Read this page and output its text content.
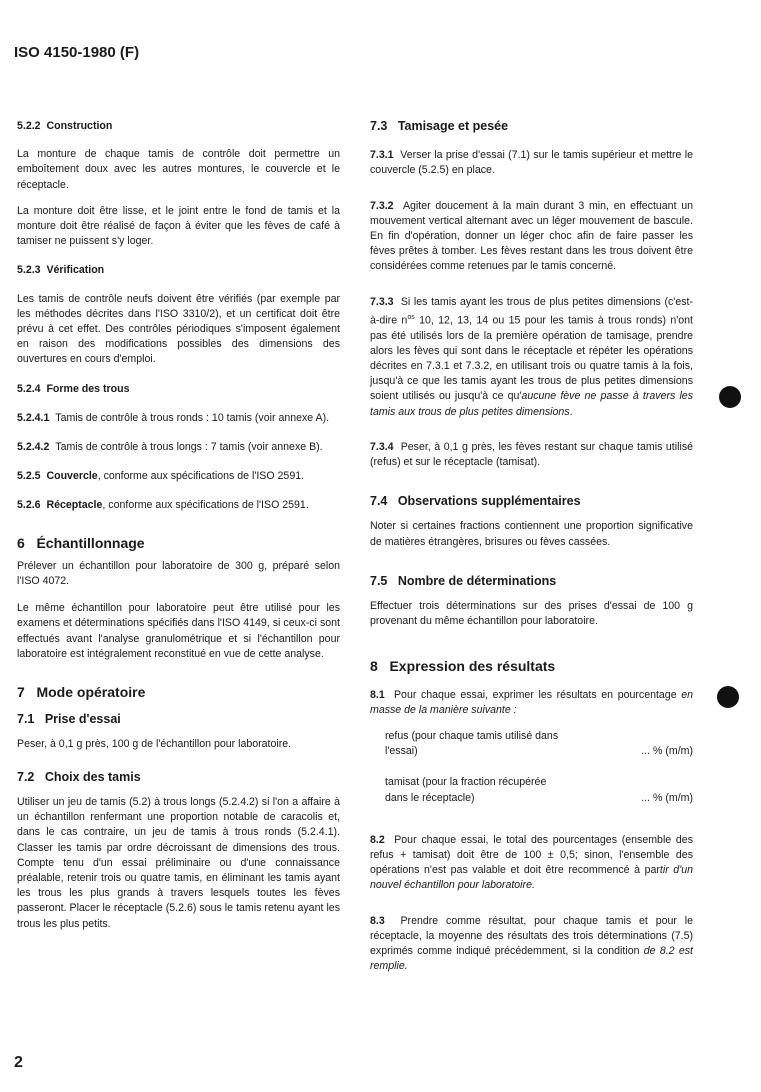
ISO 4150-1980 (F)

5.2.2 Construction

La monture de chaque tamis de contrôle doit permettre un emboîtement doux avec les autres montures, le couvercle et le réceptacle.

La monture doit être lisse, et le joint entre le fond de tamis et la monture doit être réalisé de façon à éviter que les fèves de café à tamiser ne puissent s'y loger.

5.2.3 Vérification

Les tamis de contrôle neufs doivent être vérifiés (par exemple par les méthodes décrites dans l'ISO 3310/2), et un certificat doit être prévu à cet effet. Des contrôles périodiques s'imposent également en raison des modifications possibles des dimensions des ouvertures en cours d'emploi.

5.2.4 Forme des trous

5.2.4.1 Tamis de contrôle à trous ronds : 10 tamis (voir annexe A).

5.2.4.2 Tamis de contrôle à trous longs : 7 tamis (voir annexe B).

5.2.5 Couvercle, conforme aux spécifications de l'ISO 2591.

5.2.6 Réceptacle, conforme aux spécifications de l'ISO 2591.

6 Échantillonnage

Prélever un échantillon pour laboratoire de 300 g, préparé selon l'ISO 4072.

Le même échantillon pour laboratoire peut être utilisé pour les examens et déterminations spécifiés dans l'ISO 4149, si ceux-ci sont effectués avant l'analyse granulométrique et si l'échantillon pour laboratoire est intégralement reconstitué en vue de cette analyse.

7 Mode opératoire

7.1 Prise d'essai

Peser, à 0,1 g près, 100 g de l'échantillon pour laboratoire.

7.2 Choix des tamis

Utiliser un jeu de tamis (5.2) à trous longs (5.2.4.2) si l'on a affaire à un échantillon renfermant une proportion notable de caracolis et, dans le cas contraire, un jeu de tamis à trous ronds (5.2.4.1). Classer les tamis par ordre décroissant de dimensions des trous. Compte tenu d'un essai préliminaire ou d'une connaissance préalable, retenir trois ou quatre tamis, en éliminant les tamis ayant les trous les plus grands à travers lesquels toutes les fèves passeront. Placer le réceptacle (5.2.6) sous le tamis retenu ayant les trous les plus petits.

7.3 Tamisage et pesée

7.3.1 Verser la prise d'essai (7.1) sur le tamis supérieur et mettre le couvercle (5.2.5) en place.

7.3.2 Agiter doucement à la main durant 3 min, en effectuant un mouvement vertical alternant avec un léger mouvement de bascule. En fin d'opération, donner un léger choc afin de faire passer les fèves prêtes à tomber. Les fèves restant dans les trous doivent être considérées comme retenues par le tamis concerné.

7.3.3 Si les tamis ayant les trous de plus petites dimensions (c'est-à-dire $n^{os}$ 10, 12, 13, 14 ou 15 pour les tamis à trous ronds) n'ont pas été utilisés lors de la première opération de tamisage, prendre alors les fèves qui sont dans le réceptacle et répéter les opérations décrites en 7.3.1 et 7.3.2, en utilisant trois ou quatre tamis à la fois, jusqu'à ce que les tamis ayant les trous de plus petites dimensions soient utilisés ou jusqu'à ce qu'aucune fève ne passe à travers les tamis aux trous de plus petites dimensions.

7.3.4 Peser, à 0,1 g près, les fèves restant sur chaque tamis utilisé (refus) et sur le réceptacle (tamisat).

7.4 Observations supplémentaires

Noter si certaines fractions contiennent une proportion significative de matières étrangères, brisures ou fèves cassées.

7.5 Nombre de déterminations

Effectuer trois déterminations sur des prises d'essai de 100 g provenant du même échantillon pour laboratoire.

8 Expression des résultats

8.1 Pour chaque essai, exprimer les résultats en pourcentage en masse de la manière suivante :

refus (pour chaque tamis utilisé dans
l'essai)	... % (m/m)
tamisat (pour la fraction récupérée
dans le réceptacle)	... % (m/m)

8.2 Pour chaque essai, le total des pourcentages (ensemble des refus + tamisat) doit être de 100 ± 0,5; sinon, l'ensemble des opérations n'est pas valable et doit être recommencé à partir d'un nouvel échantillon pour laboratoire.

8.3 Prendre comme résultat, pour chaque tamis et pour le réceptacle, la moyenne des résultats des trois déterminations (7.5) exprimés comme indiqué précédemment, si la condition de 8.2 est remplie.

2
